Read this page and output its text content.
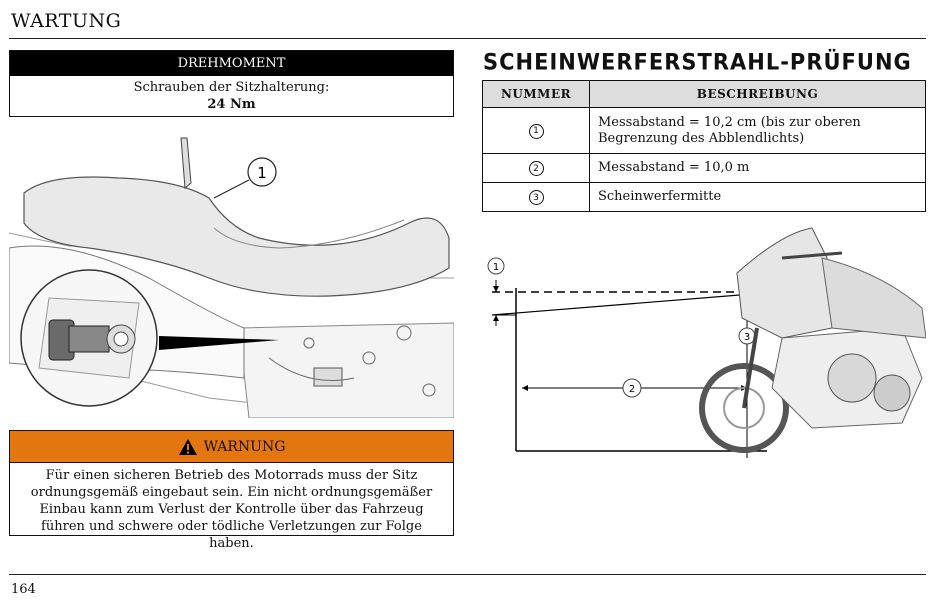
WARTUNG
DREHMOMENT
Schrauben der Sitzhalterung:
24 Nm
1
WARNUNG
Für einen sicheren Betrieb des Motorrads muss der Sitz ordnungsgemäß eingebaut sein. Ein nicht ordnungsgemäßer Einbau kann zum Verlust der Kontrolle über das Fahrzeug führen und schwere oder tödliche Verletzungen zur Folge haben.
SCHEINWERFERSTRAHL-PRÜFUNG
NUMMER	BESCHREIBUNG
1	Messabstand = 10,2 cm (bis zur oberen Begrenzung des Abblendlichts)
2	Messabstand = 10,0 m
3	Scheinwerfermitte
1
2
3
164
